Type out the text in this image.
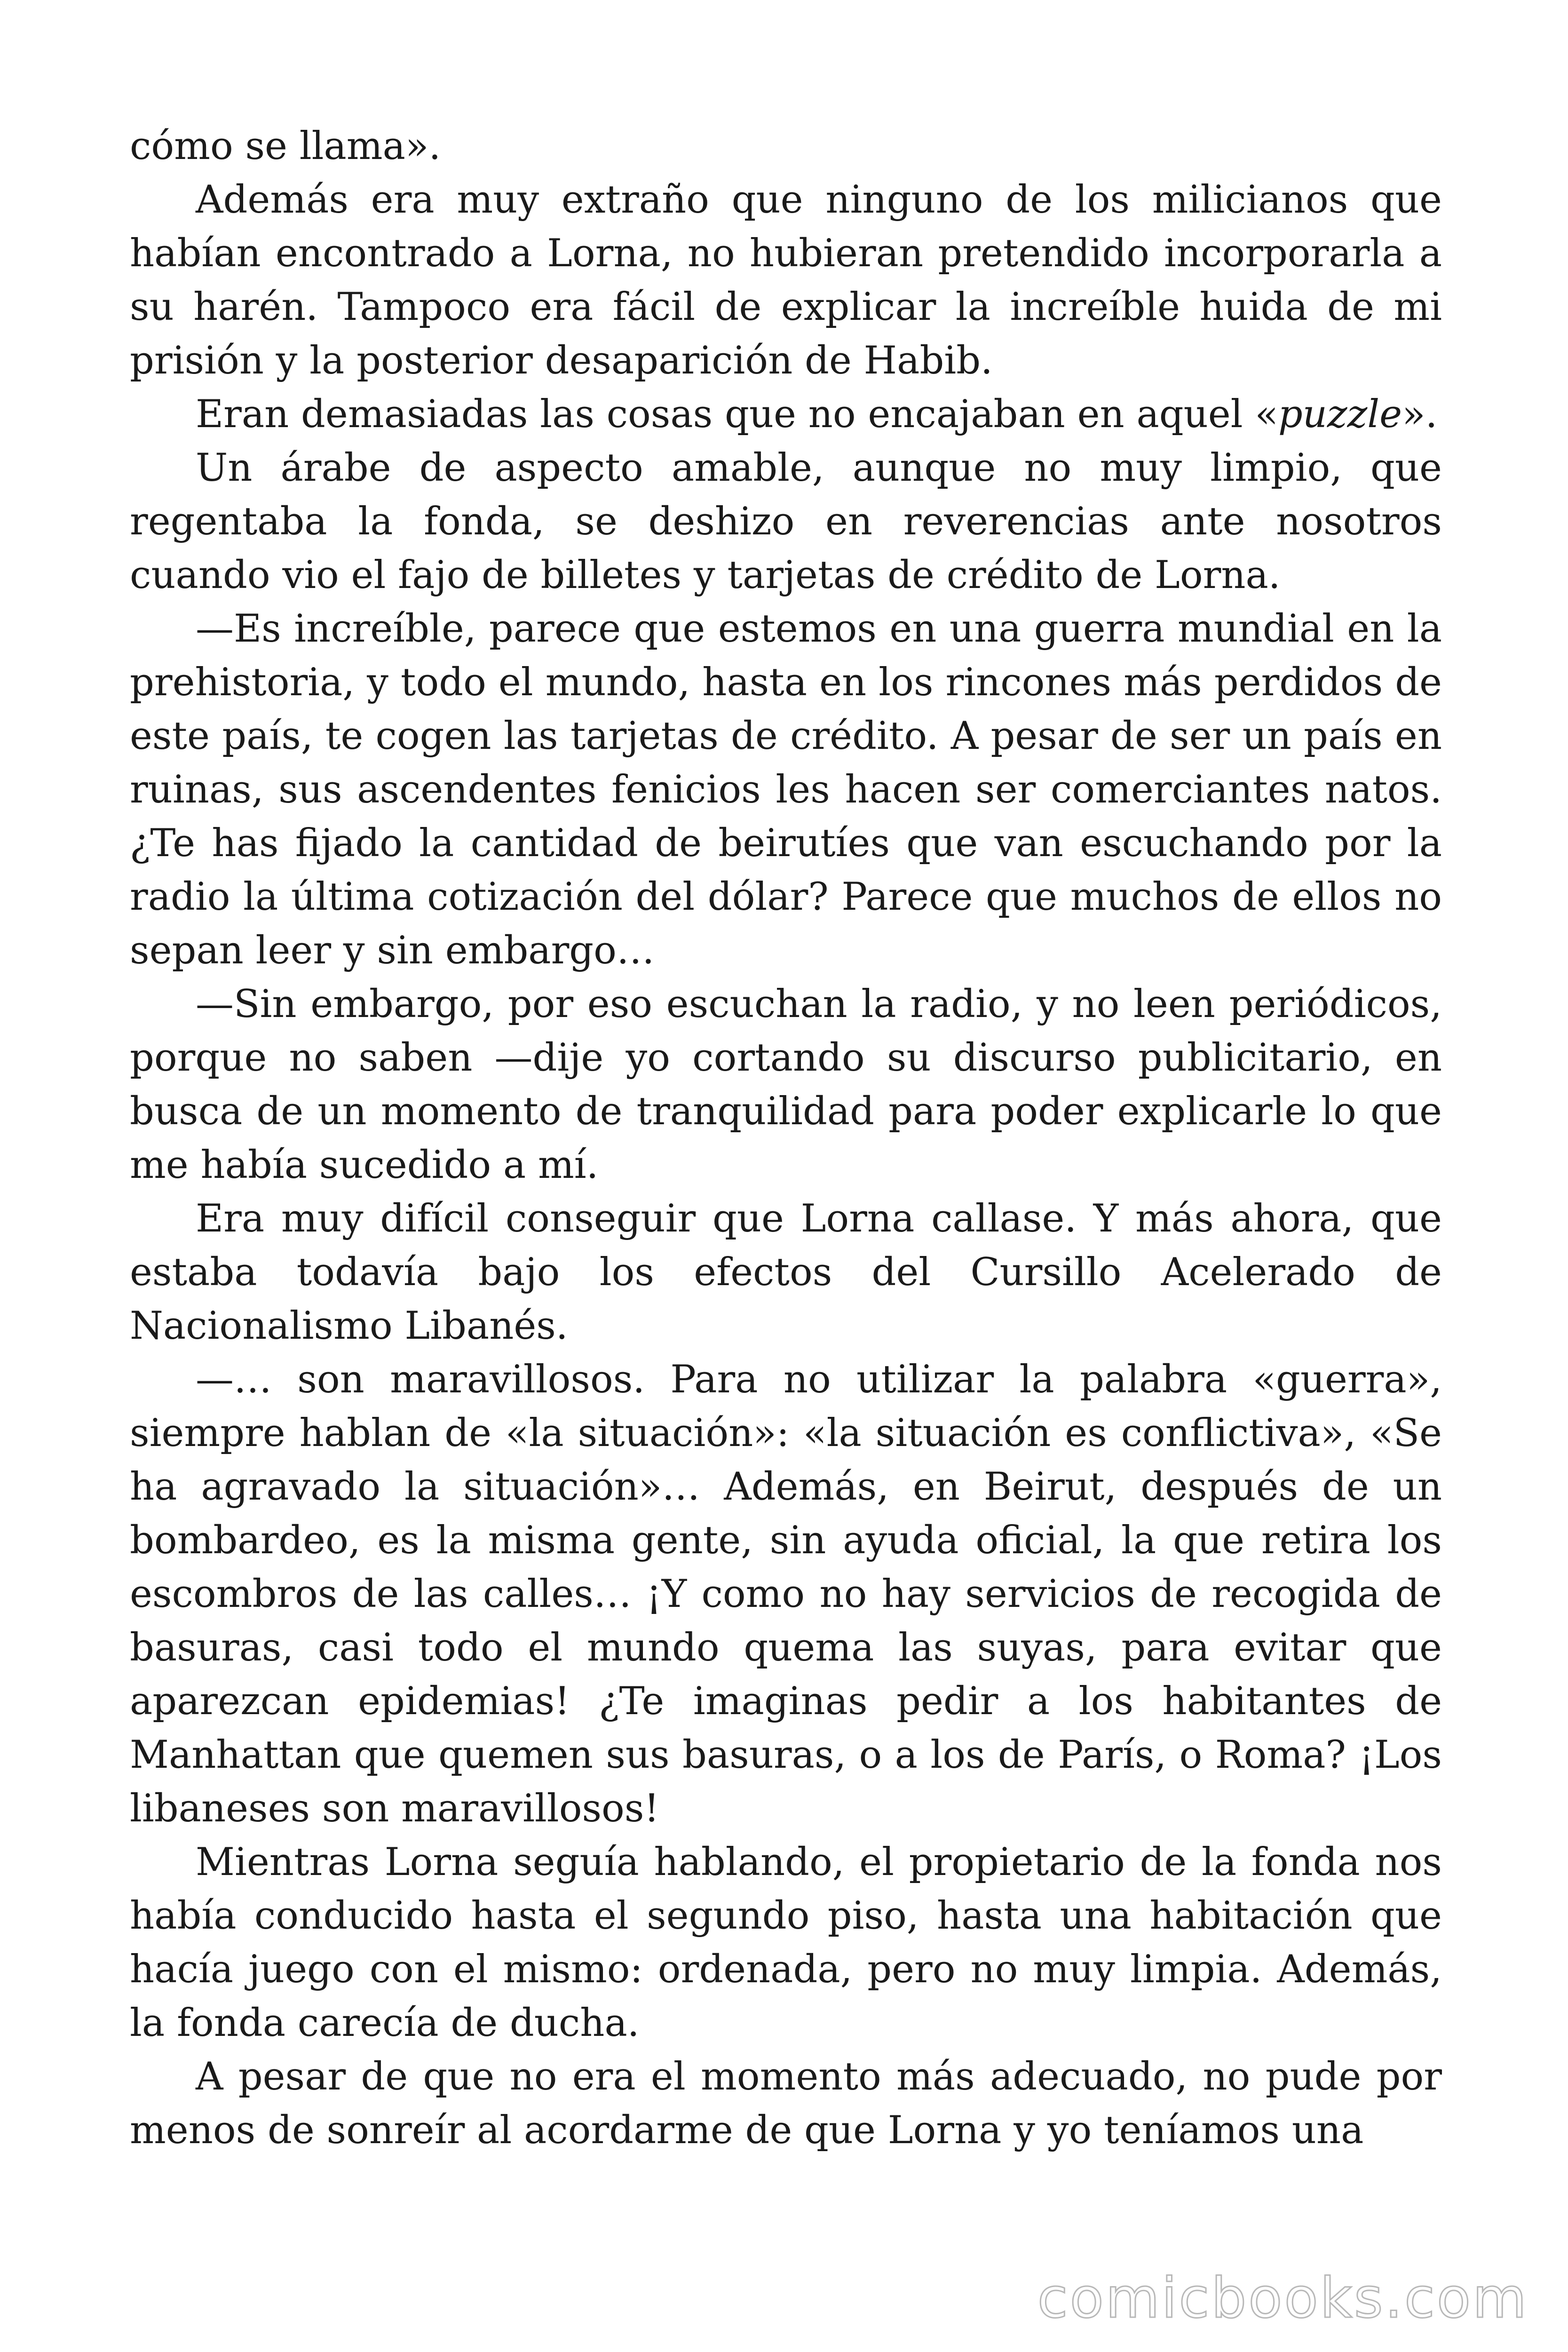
cómo se llama».

Además era muy extraño que ninguno de los milicianos que habían encontrado a Lorna, no hubieran pretendido incorporarla a su harén. Tampoco era fácil de explicar la increíble huida de mi prisión y la posterior desaparición de Habib.

Eran demasiadas las cosas que no encajaban en aquel «puzzle».

Un árabe de aspecto amable, aunque no muy limpio, que regentaba la fonda, se deshizo en reverencias ante nosotros cuando vio el fajo de billetes y tarjetas de crédito de Lorna.

—Es increíble, parece que estemos en una guerra mundial en la prehistoria, y todo el mundo, hasta en los rincones más perdidos de este país, te cogen las tarjetas de crédito. A pesar de ser un país en ruinas, sus ascendentes fenicios les hacen ser comerciantes natos. ¿Te has fijado la cantidad de beirutíes que van escuchando por la radio la última cotización del dólar? Parece que muchos de ellos no sepan leer y sin embargo…

—Sin embargo, por eso escuchan la radio, y no leen periódicos, porque no saben —dije yo cortando su discurso publicitario, en busca de un momento de tranquilidad para poder explicarle lo que me había sucedido a mí.

Era muy difícil conseguir que Lorna callase. Y más ahora, que estaba todavía bajo los efectos del Cursillo Acelerado de Nacionalismo Libanés.

—… son maravillosos. Para no utilizar la palabra «guerra», siempre hablan de «la situación»: «la situación es conflictiva», «Se ha agravado la situación»… Además, en Beirut, después de un bombardeo, es la misma gente, sin ayuda oficial, la que retira los escombros de las calles… ¡Y como no hay servicios de recogida de basuras, casi todo el mundo quema las suyas, para evitar que aparezcan epidemias! ¿Te imaginas pedir a los habitantes de Manhattan que quemen sus basuras, o a los de París, o Roma? ¡Los libaneses son maravillosos!

Mientras Lorna seguía hablando, el propietario de la fonda nos había conducido hasta el segundo piso, hasta una habitación que hacía juego con el mismo: ordenada, pero no muy limpia. Además, la fonda carecía de ducha.

A pesar de que no era el momento más adecuado, no pude por menos de sonreír al acordarme de que Lorna y yo teníamos una

comicbooks.com
